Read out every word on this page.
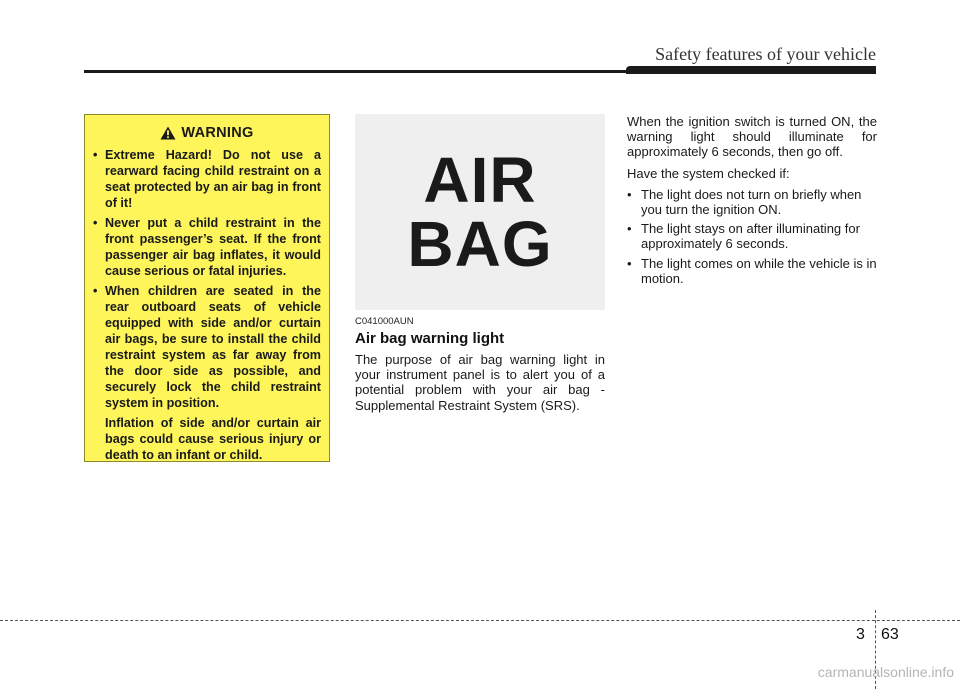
Safety features of your vehicle
WARNING
• Extreme Hazard! Do not use a rearward facing child restraint on a seat protected by an air bag in front of it!
• Never put a child restraint in the front passenger’s seat. If the front passenger air bag inflates, it would cause serious or fatal injuries.
• When children are seated in the rear outboard seats of vehicle equipped with side and/or curtain air bags, be sure to install the child restraint system as far away from the door side as possible, and securely lock the child restraint system in position.
Inflation of side and/or curtain air bags could cause serious injury or death to an infant or child.
AIR
BAG
C041000AUN
Air bag warning light
The purpose of air bag warning light in your instrument panel is to alert you of a potential problem with your air bag - Supplemental Restraint System (SRS).

When the ignition switch is turned ON, the warning light should illuminate for approximately 6 seconds, then go off.

Have the system checked if:

• The light does not turn on briefly when you turn the ignition ON.
• The light stays on after illuminating for approximately 6 seconds.
• The light comes on while the vehicle is in motion.
3 63
carmanualsonline.info
